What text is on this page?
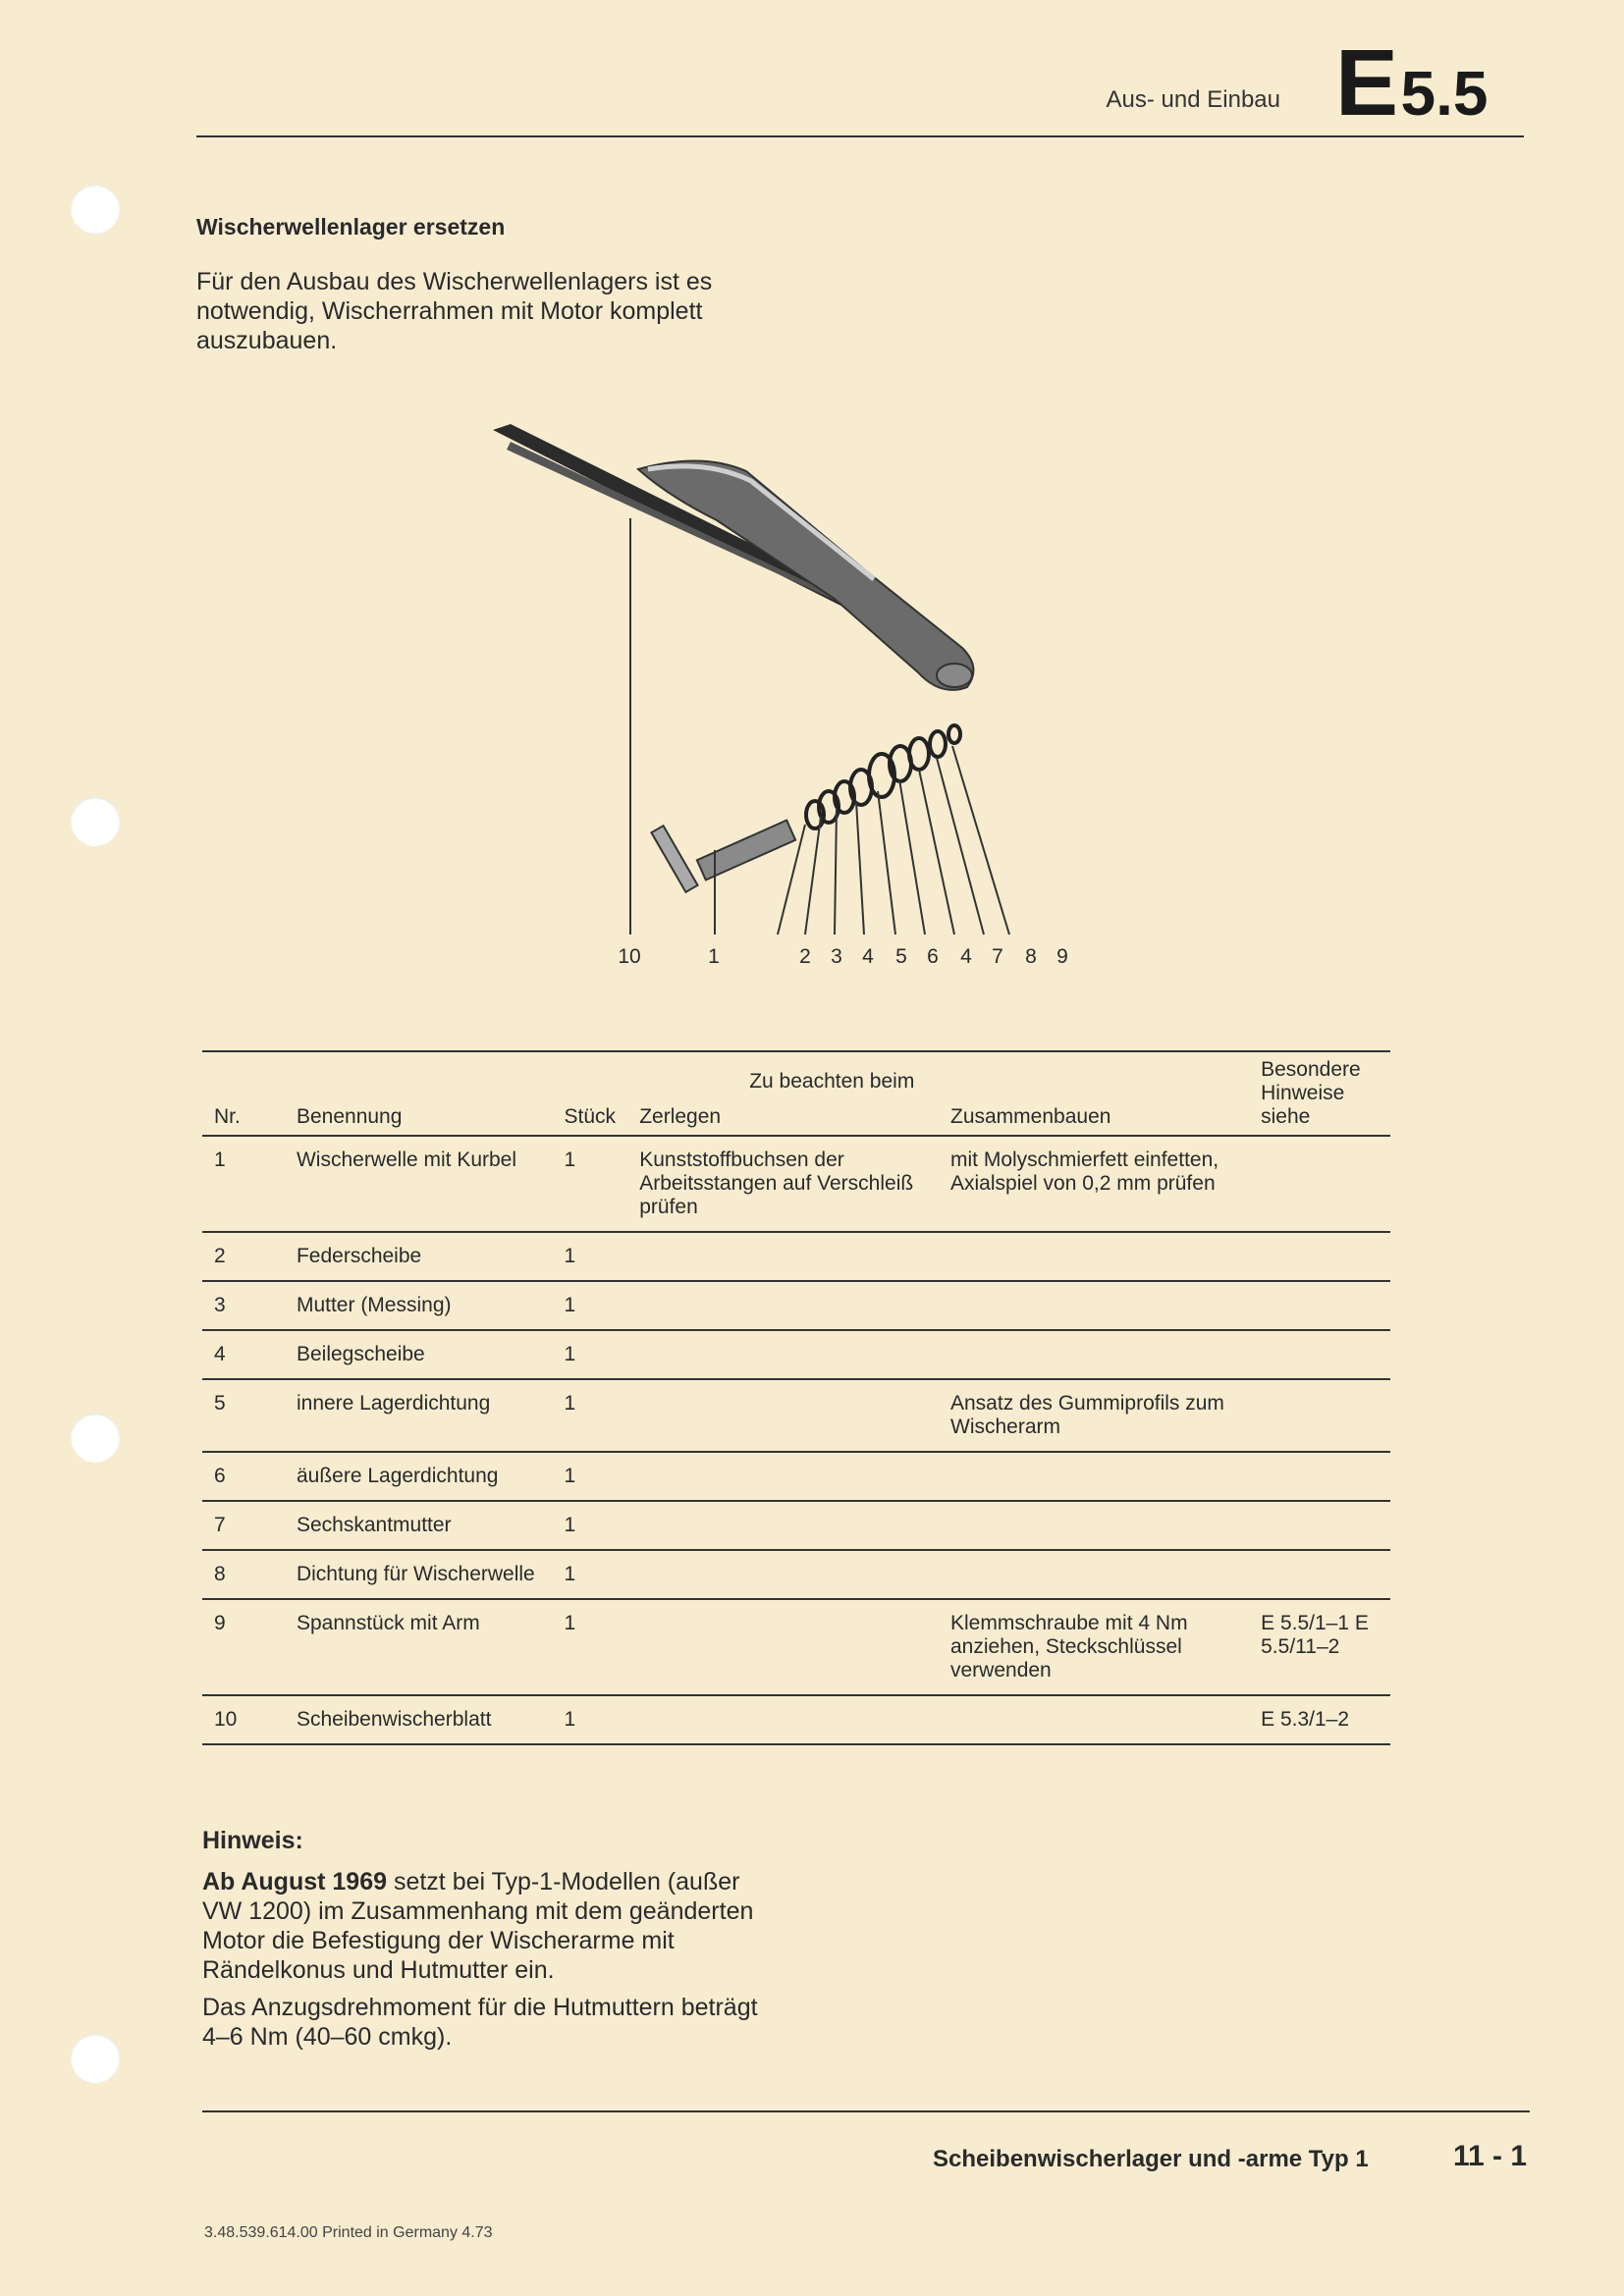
Aus- und Einbau E 5.5
Wischerwellenlager ersetzen
Für den Ausbau des Wischerwellenlagers ist es notwendig, Wischerrahmen mit Motor komplett auszubauen.
10	1	2 3 4 5 6 4 7 8 9
Nr.	Benennung	Stück	Zu beachten beim
Zerlegen	Zusammenbauen	Besondere Hinweise siehe
1	Wischerwelle mit Kurbel	1	Kunststoffbuchsen der Arbeitsstangen auf Verschleiß prüfen	mit Molyschmierfett einfetten, Axialspiel von 0,2 mm prüfen	
2	Federscheibe	1			
3	Mutter (Messing)	1			
4	Beilegscheibe	1			
5	innere Lagerdichtung	1		Ansatz des Gummiprofils zum Wischerarm	
6	äußere Lagerdichtung	1			
7	Sechskantmutter	1			
8	Dichtung für Wischerwelle	1			
9	Spannstück mit Arm	1		Klemmschraube mit 4 Nm anziehen, Steckschlüssel verwenden	E 5.5/1–1 E 5.5/11–2
10	Scheibenwischerblatt	1			E 5.3/1–2
Hinweis:

Ab August 1969 setzt bei Typ-1-Modellen (außer VW 1200) im Zusammenhang mit dem geänderten Motor die Befestigung der Wischerarme mit Rändelkonus und Hutmutter ein.

Das Anzugsdrehmoment für die Hutmuttern beträgt 4–6 Nm (40–60 cmkg).

Scheibenwischerlager und -arme Typ 1	11 - 1
3.48.539.614.00 Printed in Germany 4.73
